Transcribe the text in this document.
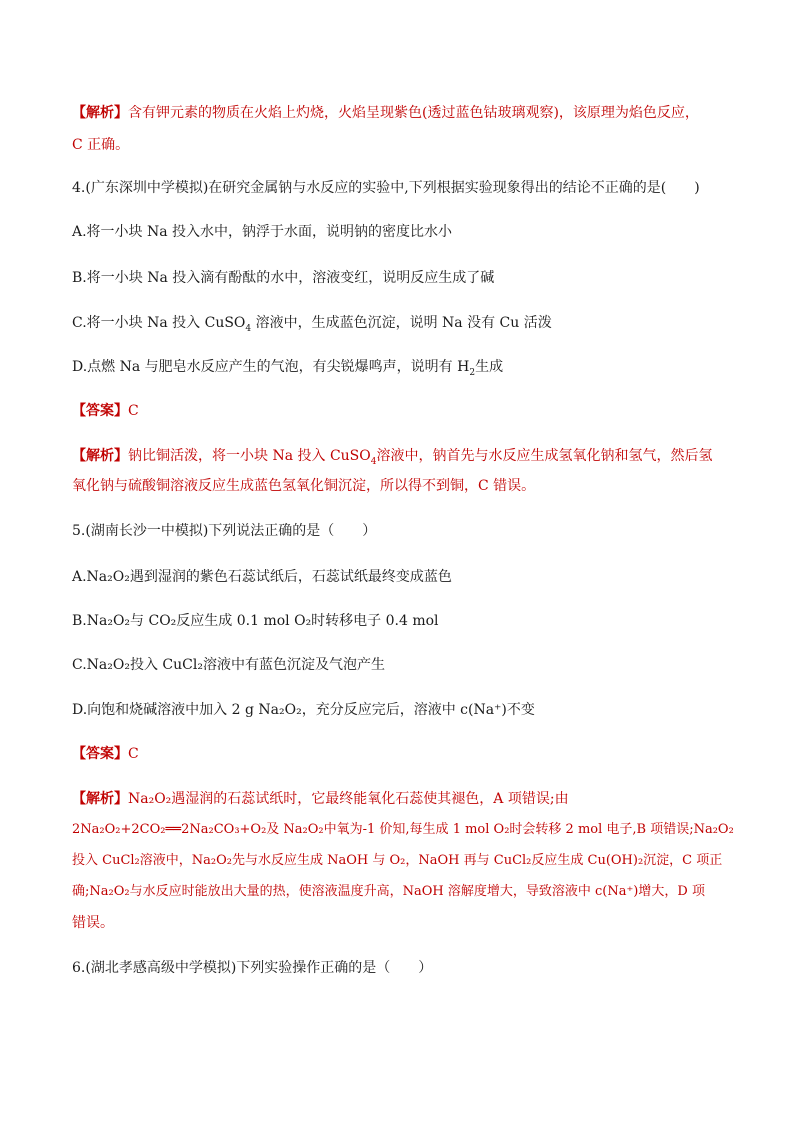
【解析】含有钾元素的物质在火焰上灼烧，火焰呈现紫色(透过蓝色钴玻璃观察)，该原理为焰色反应，
C 正确。
4.(广东深圳中学模拟)在研究金属钠与水反应的实验中,下列根据实验现象得出的结论不正确的是(　　)
A.将一小块 Na 投入水中，钠浮于水面，说明钠的密度比水小
B.将一小块 Na 投入滴有酚酞的水中，溶液变红，说明反应生成了碱
C.将一小块 Na 投入 CuSO$_4$ 溶液中，生成蓝色沉淀，说明 Na 没有 Cu 活泼
D.点燃 Na 与肥皂水反应产生的气泡，有尖锐爆鸣声，说明有 $H_2$生成
【答案】C
【解析】钠比铜活泼，将一小块 Na 投入 CuSO$_4$溶液中，钠首先与水反应生成氢氧化钠和氢气，然后氢
氧化钠与硫酸铜溶液反应生成蓝色氢氧化铜沉淀，所以得不到铜，C 错误。
5.(湖南长沙一中模拟)下列说法正确的是（　　）
A.Na₂O₂遇到湿润的紫色石蕊试纸后，石蕊试纸最终变成蓝色
B.Na₂O₂与 CO₂反应生成 0.1 mol O₂时转移电子 0.4 mol
C.Na₂O₂投入 CuCl₂溶液中有蓝色沉淀及气泡产生
D.向饱和烧碱溶液中加入 2 g Na₂O₂，充分反应完后，溶液中 c(Na⁺)不变
【答案】C
【解析】Na₂O₂遇湿润的石蕊试纸时，它最终能氧化石蕊使其褪色，A 项错误;由
2Na₂O₂+2CO₂══2Na₂CO₃+O₂及 Na₂O₂中氧为-1 价知,每生成 1 mol O₂时会转移 2 mol 电子,B 项错误;Na₂O₂
投入 CuCl₂溶液中，Na₂O₂先与水反应生成 NaOH 与 O₂，NaOH 再与 CuCl₂反应生成 Cu(OH)₂沉淀，C 项正
确;Na₂O₂与水反应时能放出大量的热，使溶液温度升高，NaOH 溶解度增大，导致溶液中 c(Na⁺)增大，D 项
错误。
6.(湖北孝感高级中学模拟)下列实验操作正确的是（　　）
